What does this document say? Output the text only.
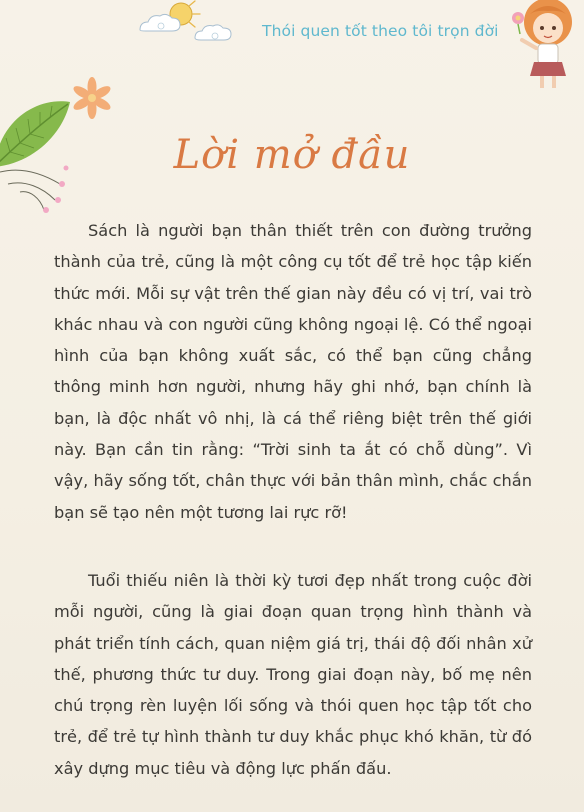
Thói quen tốt theo tôi trọn đời
Lời mở đầu

Sách là người bạn thân thiết trên con đường trưởng thành của trẻ, cũng là một công cụ tốt để trẻ học tập kiến thức mới. Mỗi sự vật trên thế gian này đều có vị trí, vai trò khác nhau và con người cũng không ngoại lệ. Có thể ngoại hình của bạn không xuất sắc, có thể bạn cũng chẳng thông minh hơn người, nhưng hãy ghi nhớ, bạn chính là bạn, là độc nhất vô nhị, là cá thể riêng biệt trên thế giới này. Bạn cần tin rằng: “Trời sinh ta ắt có chỗ dùng”. Vì vậy, hãy sống tốt, chân thực với bản thân mình, chắc chắn bạn sẽ tạo nên một tương lai rực rỡ!

Tuổi thiếu niên là thời kỳ tươi đẹp nhất trong cuộc đời mỗi người, cũng là giai đoạn quan trọng hình thành và phát triển tính cách, quan niệm giá trị, thái độ đối nhân xử thế, phương thức tư duy. Trong giai đoạn này, bố mẹ nên chú trọng rèn luyện lối sống và thói quen học tập tốt cho trẻ, để trẻ tự hình thành tư duy khắc phục khó khăn, từ đó xây dựng mục tiêu và động lực phấn đấu.
